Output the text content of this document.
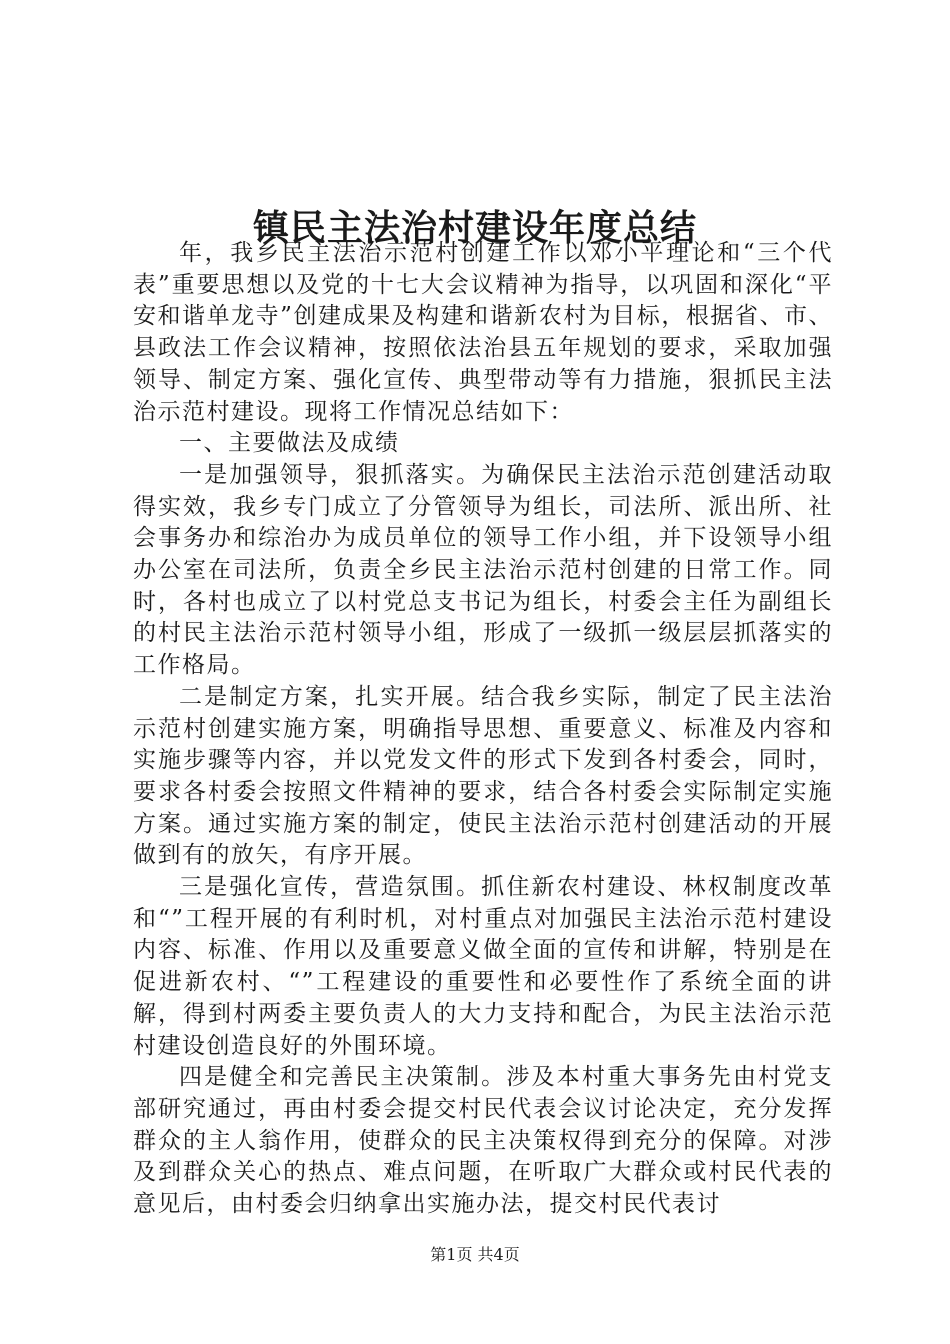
镇民主法治村建设年度总结

年，我乡民主法治示范村创建工作以邓小平理论和“三个代表”重要思想以及党的十七大会议精神为指导，以巩固和深化“平安和谐单龙寺”创建成果及构建和谐新农村为目标，根据省、市、县政法工作会议精神，按照依法治县五年规划的要求，采取加强领导、制定方案、强化宣传、典型带动等有力措施，狠抓民主法治示范村建设。现将工作情况总结如下：

一、主要做法及成绩

一是加强领导，狠抓落实。为确保民主法治示范创建活动取得实效，我乡专门成立了分管领导为组长，司法所、派出所、社会事务办和综治办为成员单位的领导工作小组，并下设领导小组办公室在司法所，负责全乡民主法治示范村创建的日常工作。同时，各村也成立了以村党总支书记为组长，村委会主任为副组长的村民主法治示范村领导小组，形成了一级抓一级层层抓落实的工作格局。

二是制定方案，扎实开展。结合我乡实际，制定了民主法治示范村创建实施方案，明确指导思想、重要意义、标准及内容和实施步骤等内容，并以党发文件的形式下发到各村委会，同时，要求各村委会按照文件精神的要求，结合各村委会实际制定实施方案。通过实施方案的制定，使民主法治示范村创建活动的开展做到有的放矢，有序开展。

三是强化宣传，营造氛围。抓住新农村建设、林权制度改革和“”工程开展的有利时机，对村重点对加强民主法治示范村建设内容、标准、作用以及重要意义做全面的宣传和讲解，特别是在促进新农村、“”工程建设的重要性和必要性作了系统全面的讲解，得到村两委主要负责人的大力支持和配合，为民主法治示范村建设创造良好的外围环境。

四是健全和完善民主决策制。涉及本村重大事务先由村党支部研究通过，再由村委会提交村民代表会议讨论决定，充分发挥群众的主人翁作用，使群众的民主决策权得到充分的保障。对涉及到群众关心的热点、难点问题，在听取广大群众或村民代表的意见后，由村委会归纳拿出实施办法，提交村民代表讨

第1页 共4页
